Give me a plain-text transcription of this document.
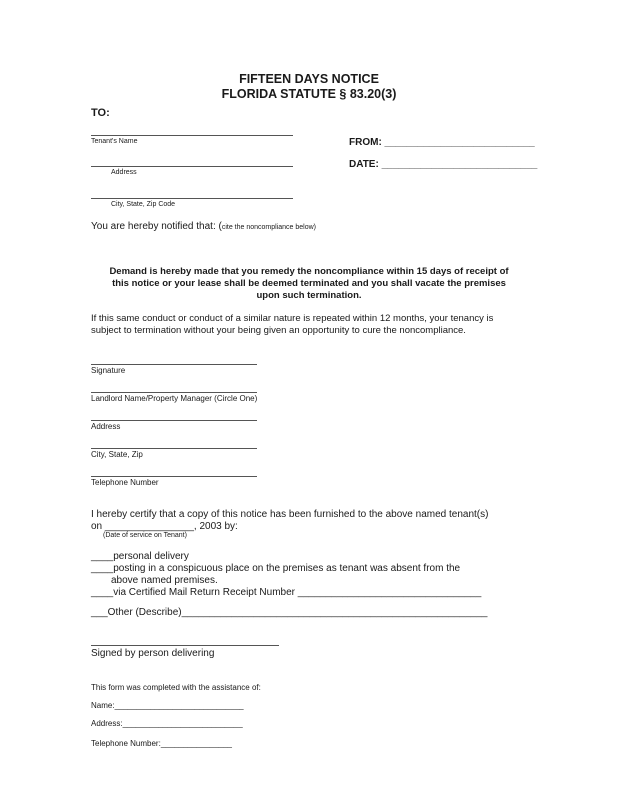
FIFTEEN DAYS NOTICE
FLORIDA STATUTE § 83.20(3)
TO:
Tenant's Name
Address
City, State, Zip Code
FROM: ___________________________
DATE: ____________________________
You are hereby notified that: (cite the noncompliance below)
Demand is hereby made that you remedy the noncompliance within 15 days of receipt of
this notice or your lease shall be deemed terminated and you shall vacate the premises
upon such termination.
If this same conduct or conduct of a similar nature is repeated within 12 months, your tenancy is
subject to termination without your being given an opportunity to cure the noncompliance.
Signature
Landlord Name/Property Manager (Circle One)
Address
City, State, Zip
Telephone Number
I hereby certify that a copy of this notice has been furnished to the above named tenant(s)
on ________________, 2003 by:
(Date of service on Tenant)
____personal delivery
____posting in a conspicuous place on the premises as tenant was absent from the
above named premises.
____via Certified Mail Return Receipt Number _________________________________
___Other (Describe)_______________________________________________________
Signed by person delivering
This form was completed with the assistance of:
Name:_____________________________
Address:___________________________
Telephone Number:________________
